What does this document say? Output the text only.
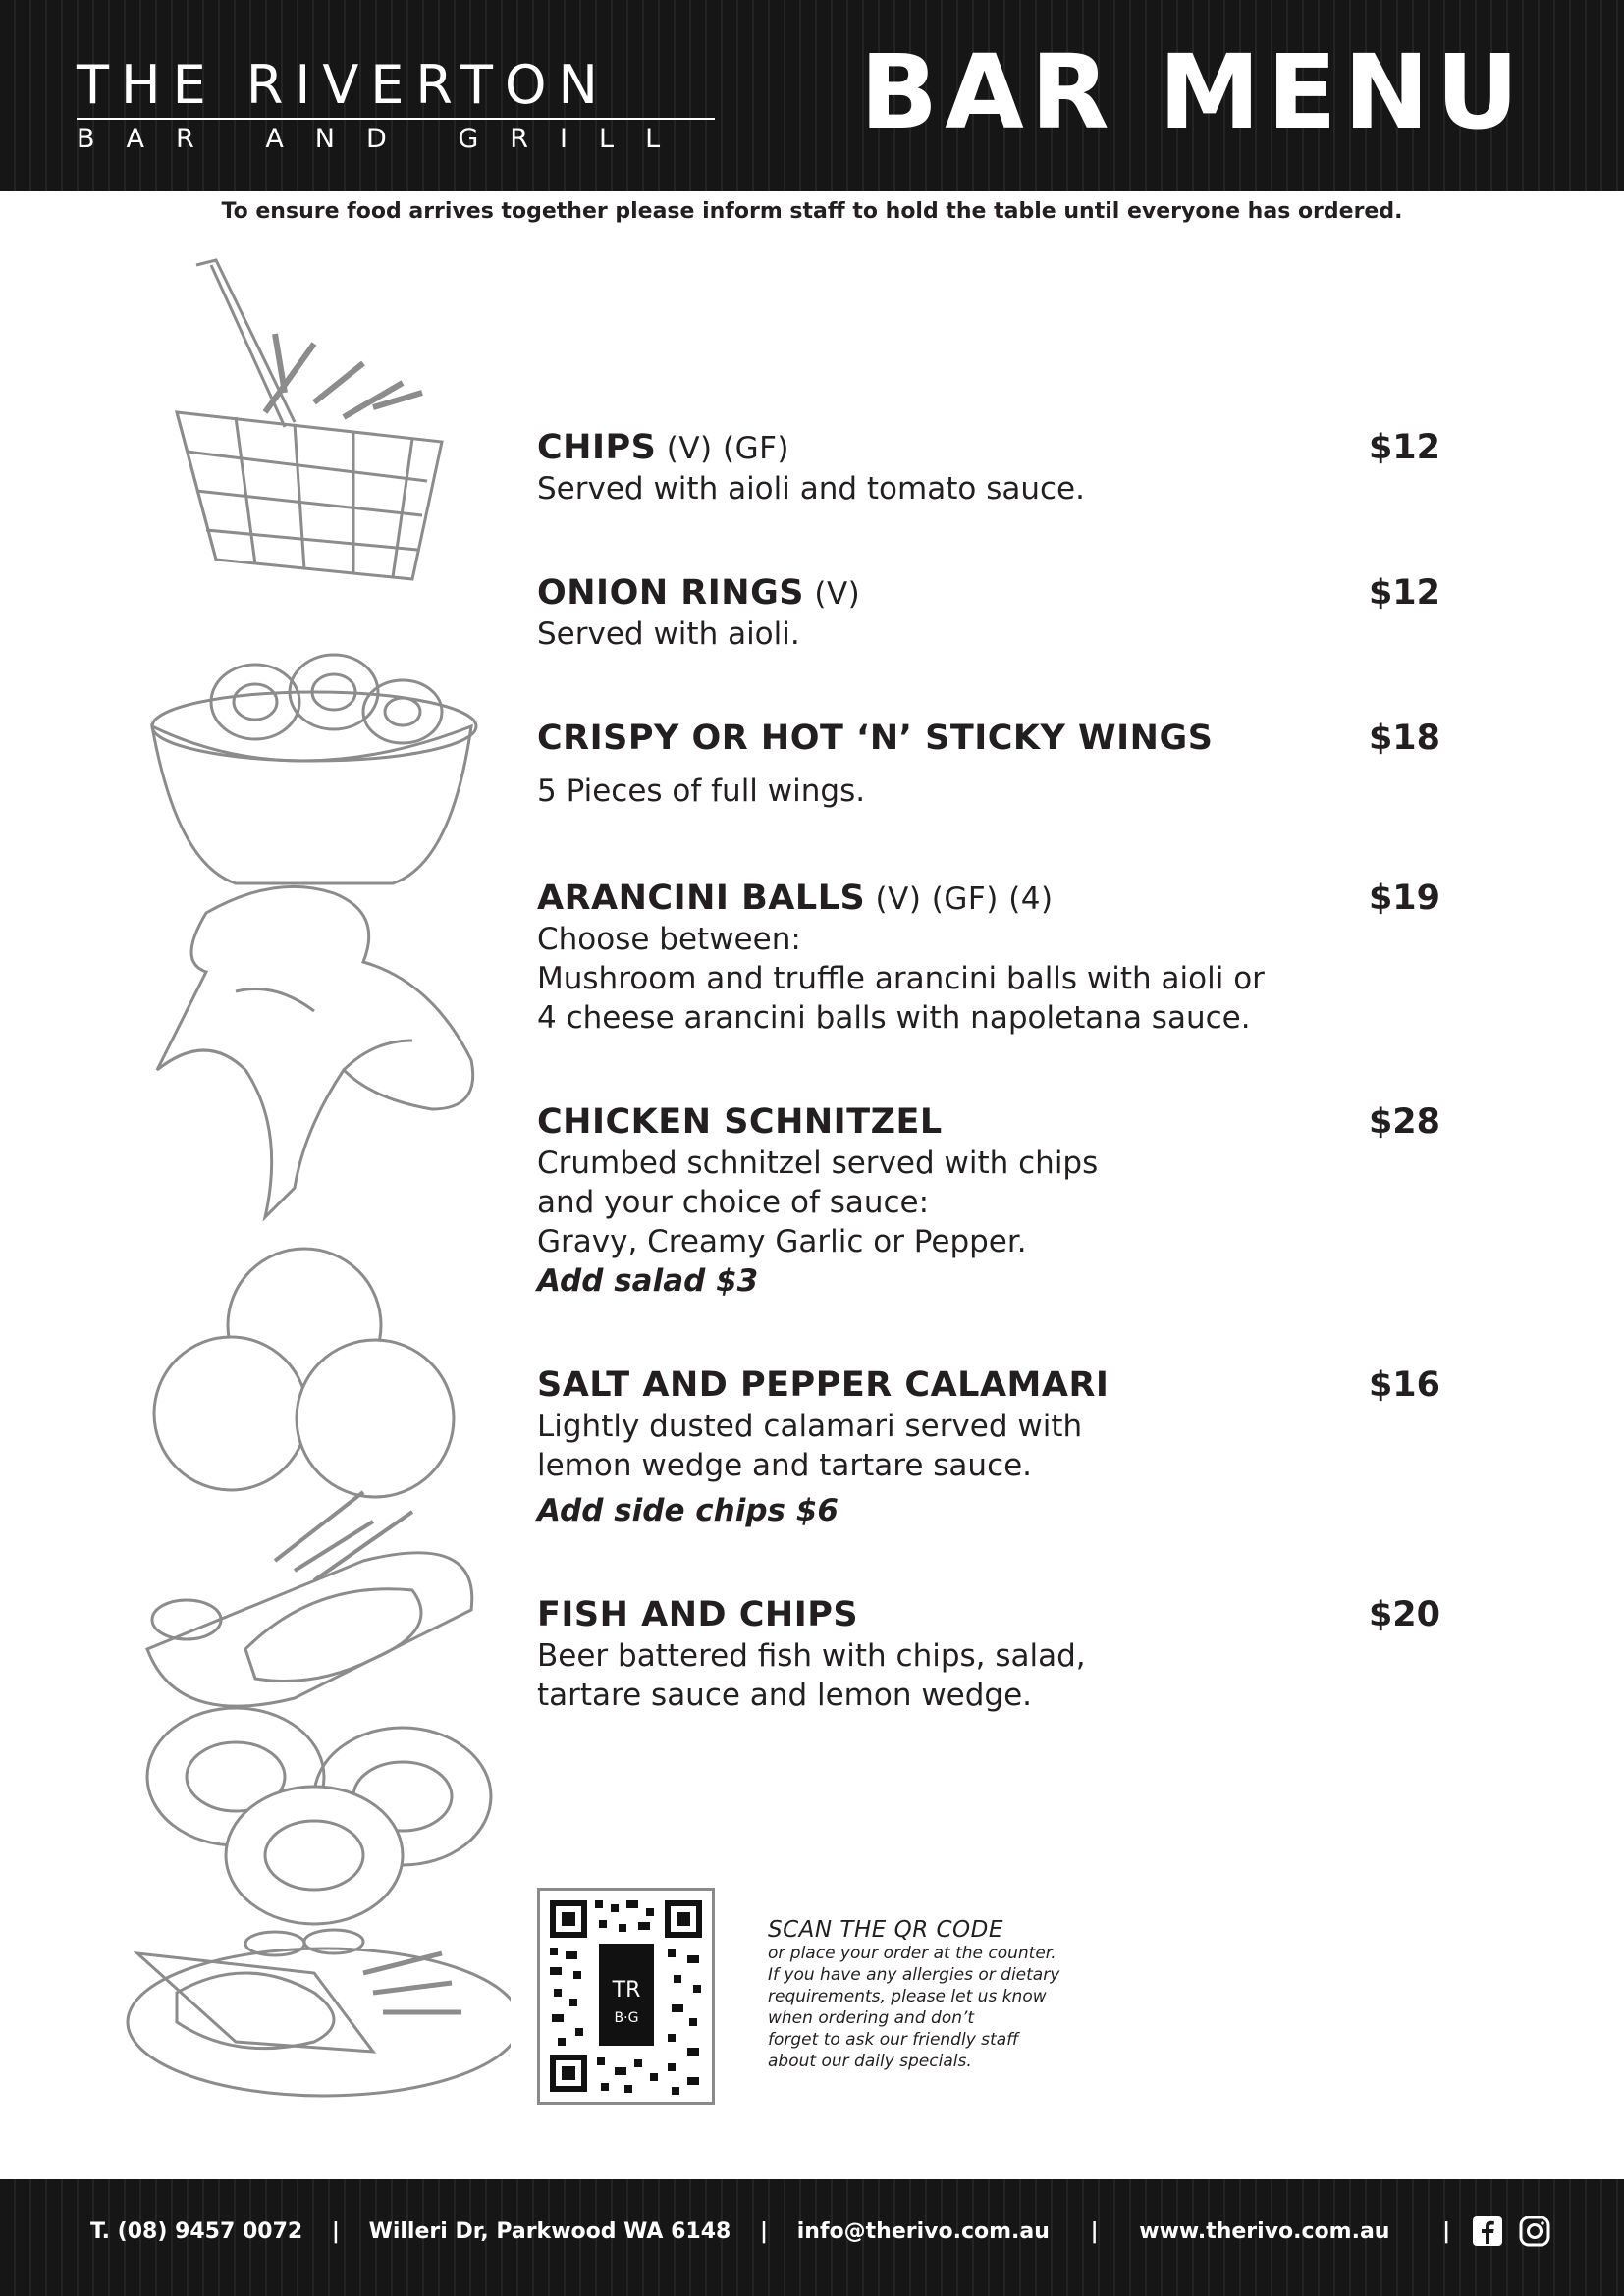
THE RIVERTON
BAR AND GRILL BAR MENU
To ensure food arrives together please inform staff to hold the table until everyone has ordered.
CHIPS (V) (GF)	$12
Served with aioli and tomato sauce.
ONION RINGS (V)	$12
Served with aioli.
CRISPY OR HOT ‘N’ STICKY WINGS	$18
5 Pieces of full wings.
ARANCINI BALLS (V) (GF) (4)	$19
Choose between:
Mushroom and truffle arancini balls with aioli or
4 cheese arancini balls with napoletana sauce.
CHICKEN SCHNITZEL	$28
Crumbed schnitzel served with chips
and your choice of sauce:
Gravy, Creamy Garlic or Pepper.
Add salad $3
SALT AND PEPPER CALAMARI	$16
Lightly dusted calamari served with
lemon wedge and tartare sauce.
Add side chips $6
FISH AND CHIPS	$20
Beer battered fish with chips, salad,
tartare sauce and lemon wedge.
TR
B·G
SCAN THE QR CODE
or place your order at the counter.
If you have any allergies or dietary
requirements, please let us know
when ordering and don’t
forget to ask our friendly staff
about our daily specials.
T. (08) 9457 0072 | Willeri Dr, Parkwood WA 6148 | info@therivo.com.au | www.therivo.com.au |
